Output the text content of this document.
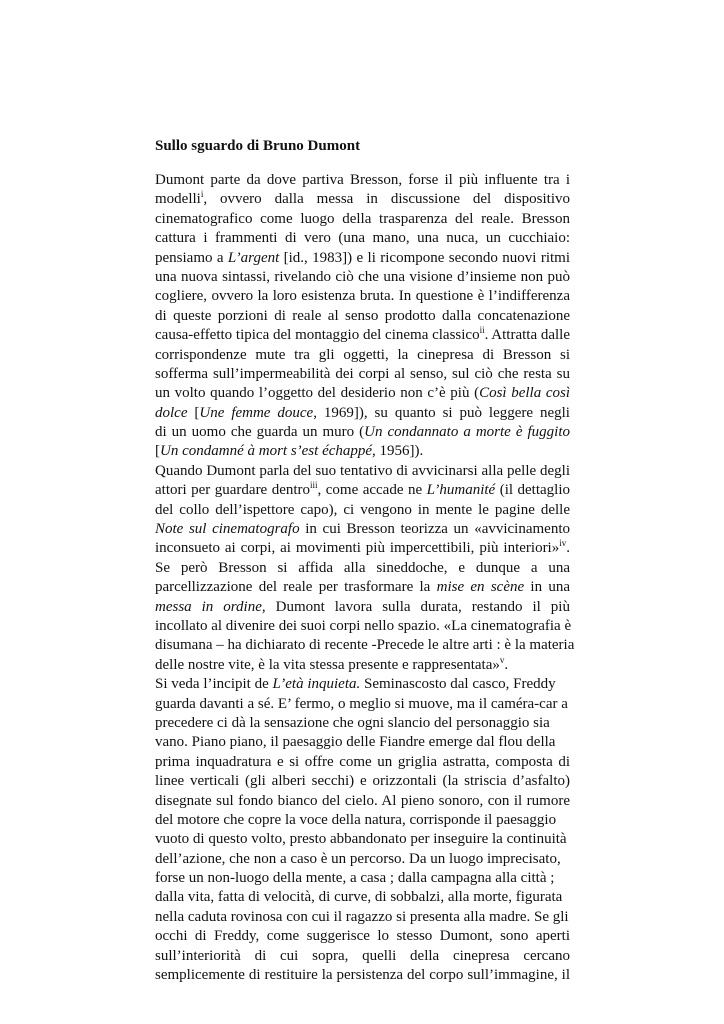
Sullo sguardo di Bruno Dumont
Dumont parte da dove partiva Bresson, forse il più influente tra i
modelli$^i$, ovvero dalla messa in discussione del dispositivo
cinematografico come luogo della trasparenza del reale. Bresson
cattura i frammenti di vero (una mano, una nuca, un cucchiaio:
pensiamo a L’argent [id., 1983]) e li ricompone secondo nuovi ritmi
una nuova sintassi, rivelando ciò che una visione d’insieme non può
cogliere, ovvero la loro esistenza bruta. In questione è l’indifferenza
di queste porzioni di reale al senso prodotto dalla concatenazione
causa-effetto tipica del montaggio del cinema classico$^{ii}$. Attratta dalle
corrispondenze mute tra gli oggetti, la cinepresa di Bresson si
sofferma sull’impermeabilità dei corpi al senso, sul ciò che resta su
un volto quando l’oggetto del desiderio non c’è più (Così bella così
dolce [Une femme douce, 1969]), su quanto si può leggere negli
di un uomo che guarda un muro (Un condannato a morte è fuggito
[Un condamné à mort s’est échappé, 1956]).
Quando Dumont parla del suo tentativo di avvicinarsi alla pelle degli
attori per guardare dentro$^{iii}$, come accade ne L’humanité (il dettaglio
del collo dell’ispettore capo), ci vengono in mente le pagine delle
Note sul cinematografo in cui Bresson teorizza un «avvicinamento
inconsueto ai corpi, ai movimenti più impercettibili, più interiori»$^{iv}$.
Se però Bresson si affida alla sineddoche, e dunque a una
parcellizzazione del reale per trasformare la mise en scène in una
messa in ordine, Dumont lavora sulla durata, restando il più
incollato al divenire dei suoi corpi nello spazio. «La cinematografia è
disumana – ha dichiarato di recente -Precede le altre arti : è la materia
delle nostre vite, è la vita stessa presente e rappresentata»$^v$.
Si veda l’incipit de L’età inquieta. Seminascosto dal casco, Freddy
guarda davanti a sé. E’ fermo, o meglio si muove, ma il caméra-car a
precedere ci dà la sensazione che ogni slancio del personaggio sia
vano. Piano piano, il paesaggio delle Fiandre emerge dal flou della
prima inquadratura e si offre come un griglia astratta, composta di
linee verticali (gli alberi secchi) e orizzontali (la striscia d’asfalto)
disegnate sul fondo bianco del cielo. Al pieno sonoro, con il rumore
del motore che copre la voce della natura, corrisponde il paesaggio
vuoto di questo volto, presto abbandonato per inseguire la continuità
dell’azione, che non a caso è un percorso. Da un luogo imprecisato,
forse un non-luogo della mente, a casa ; dalla campagna alla città ;
dalla vita, fatta di velocità, di curve, di sobbalzi, alla morte, figurata
nella caduta rovinosa con cui il ragazzo si presenta alla madre. Se gli
occhi di Freddy, come suggerisce lo stesso Dumont, sono aperti
sull’interiorità di cui sopra, quelli della cinepresa cercano
semplicemente di restituire la persistenza del corpo sull’immagine, il
